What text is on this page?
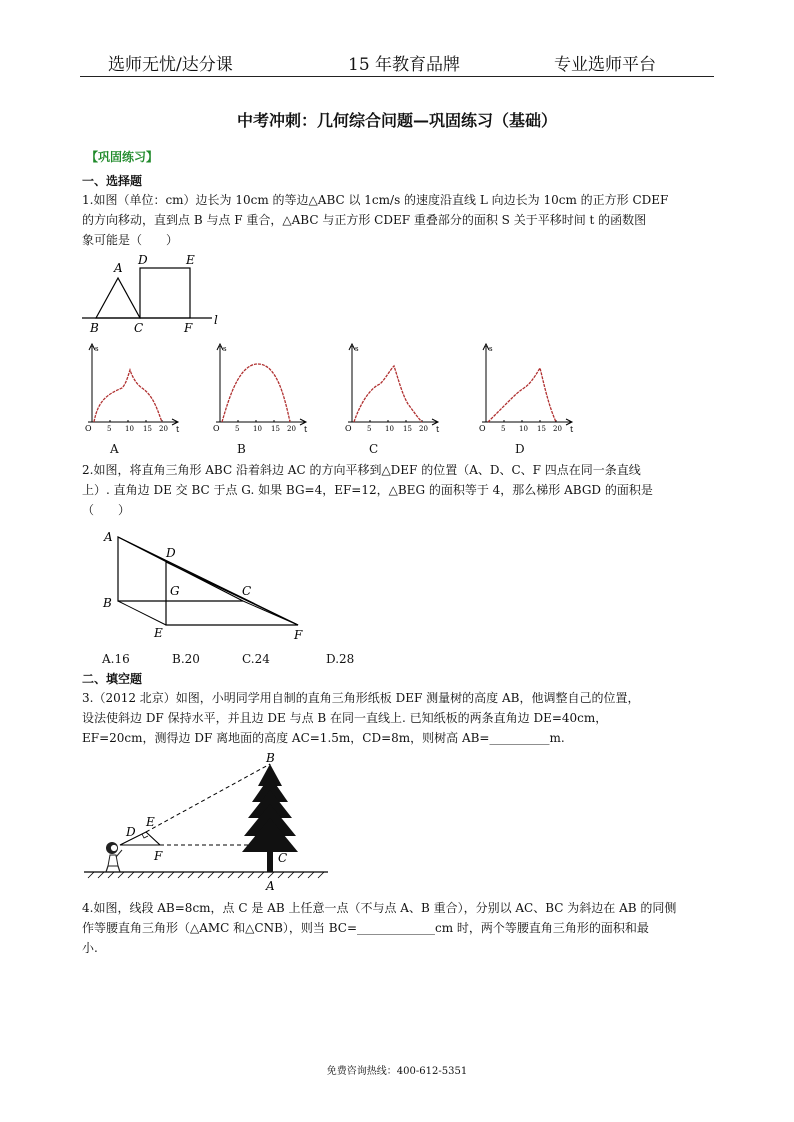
选师无忧/达分课	15 年教育品牌	专业选师平台
中考冲刺：几何综合问题—巩固练习（基础）
【巩固练习】
一、选择题
1.如图（单位：cm）边长为 10cm 的等边△ABC 以 1cm/s 的速度沿直线 L 向边长为 10cm 的正方形 CDEF
的方向移动，直到点 B 与点 F 重合，△ABC 与正方形 CDEF 重叠部分的面积 S 关于平移时间 t 的函数图
象可能是（　　）
A
B	C
D	E
F
l
s
t
O 5 10 15 20
s
t
O 5 10 15 20
s
t
O 5 10 15 20
s
t
O 5 10 15 20
A	B	C	D
2.如图，将直角三角形 ABC 沿着斜边 AC 的方向平移到△DEF 的位置（A、D、C、F 四点在同一条直线
上）. 直角边 DE 交 BC 于点 G. 如果 BG=4，EF=12，△BEG 的面积等于 4，那么梯形 ABGD 的面积是
（　　）
A
B
C
D
E	F
G
A.16	B.20	C.24	D.28
二、填空题
3.（2012 北京）如图，小明同学用自制的直角三角形纸板 DEF 测量树的高度 AB，他调整自己的位置，
设法使斜边 DF 保持水平，并且边 DE 与点 B 在同一直线上. 已知纸板的两条直角边 DE=40cm，
EF=20cm，测得边 DF 离地面的高度 AC=1.5m，CD=8m，则树高 AB=__________m.
D
E
F
B
C
A
4.如图，线段 AB=8cm，点 C 是 AB 上任意一点（不与点 A、B 重合），分别以 AC、BC 为斜边在 AB 的同侧
作等腰直角三角形（△AMC 和△CNB），则当 BC=_____________cm 时，两个等腰直角三角形的面积和最
小.
免费咨询热线：400-612-5351
